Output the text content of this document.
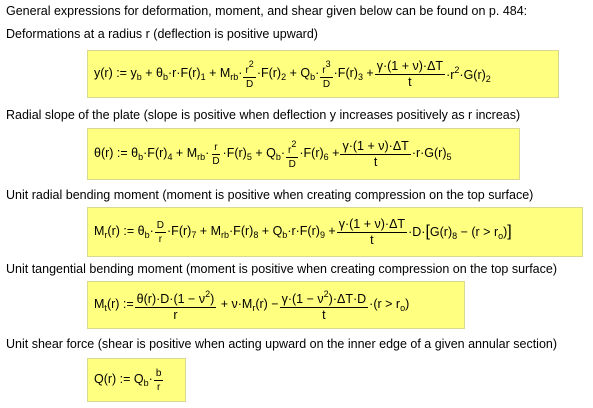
General expressions for deformation, moment, and shear given below can be found on p. 484:
Deformations at a radius r (deflection is positive upward)
y(r) := $y_b + \theta_b\cdot r\cdot F(r)_1 + M_{rb}\cdot \frac{r^2}{D} \cdot F(r)_2 + Q_b\cdot \frac{r^3}{D} \cdot F(r)_3 + \frac{\gamma\cdot(1 + \nu)\cdot\Delta T}{t} \cdot r^2\cdot G(r)_2$
Radial slope of the plate (slope is positive when deflection y increases positively as r increas)
θ(r) := $\theta_b\cdot F(r)_4 + M_{rb}\cdot \frac{r}{D} \cdot F(r)_5 + Q_b\cdot \frac{r^2}{D} \cdot F(r)_6 + \frac{\gamma\cdot(1 + \nu)\cdot\Delta T}{t} \cdot r\cdot G(r)_5$
Unit radial bending moment (moment is positive when creating compression on the top surface)
$M_r(r)$ := $\theta_b\cdot \frac{D}{r} \cdot F(r)_7 + M_{rb}\cdot F(r)_8 + Q_b\cdot r\cdot F(r)_9 + \frac{\gamma\cdot(1 + \nu)\cdot\Delta T}{t} \cdot D\cdot[G(r)_8 - (r > r_o)]$
Unit tangential bending moment (moment is positive when creating compression on the top surface)
$M_t(r)$ := $\frac{\theta(r)\cdot D\cdot(1 - \nu^2)}{r} + \nu\cdot M_r(r) - \frac{\gamma\cdot(1 - \nu^2)\cdot\Delta T\cdot D}{t} \cdot(r > r_o)$
Unit shear force (shear is positive when acting upward on the inner edge of a given annular section)
Q(r) := $Q_b\cdot \frac{b}{r}$
